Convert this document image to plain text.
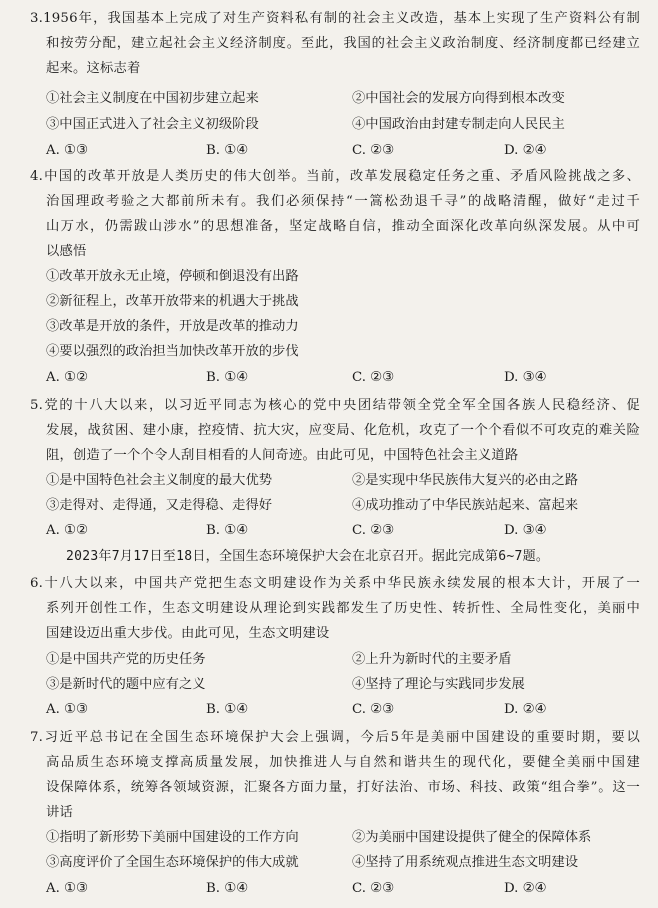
3.1956年，我国基本上完成了对生产资料私有制的社会主义改造，基本上实现了生产资料公有制
和按劳分配，建立起社会主义经济制度。至此，我国的社会主义政治制度、经济制度都已经建立
起来。这标志着
①社会主义制度在中国初步建立起来	②中国社会的发展方向得到根本改变
③中国正式进入了社会主义初级阶段	④中国政治由封建专制走向人民民主
A. ①③	B. ①④	C. ②③	D. ②④
4.中国的改革开放是人类历史的伟大创举。当前，改革发展稳定任务之重、矛盾风险挑战之多、
治国理政考验之大都前所未有。我们必须保持“一篙松劲退千寻”的战略清醒，做好“走过千
山万水，仍需跋山涉水”的思想准备，坚定战略自信，推动全面深化改革向纵深发展。从中可
以感悟
①改革开放永无止境，停顿和倒退没有出路
②新征程上，改革开放带来的机遇大于挑战
③改革是开放的条件，开放是改革的推动力
④要以强烈的政治担当加快改革开放的步伐
A. ①②	B. ①④	C. ②③	D. ③④
5.党的十八大以来，以习近平同志为核心的党中央团结带领全党全军全国各族人民稳经济、促
发展，战贫困、建小康，控疫情、抗大灾，应变局、化危机，攻克了一个个看似不可攻克的难关险
阻，创造了一个个令人刮目相看的人间奇迹。由此可见，中国特色社会主义道路
①是中国特色社会主义制度的最大优势	②是实现中华民族伟大复兴的必由之路
③走得对、走得通，又走得稳、走得好	④成功推动了中华民族站起来、富起来
A. ①②	B. ①④	C. ②③	D. ③④
2023年7月17日至18日，全国生态环境保护大会在北京召开。据此完成第6~7题。
6.十八大以来，中国共产党把生态文明建设作为关系中华民族永续发展的根本大计，开展了一
系列开创性工作，生态文明建设从理论到实践都发生了历史性、转折性、全局性变化，美丽中
国建设迈出重大步伐。由此可见，生态文明建设
①是中国共产党的历史任务	②上升为新时代的主要矛盾
③是新时代的题中应有之义	④坚持了理论与实践同步发展
A. ①③	B. ①④	C. ②③	D. ②④
7.习近平总书记在全国生态环境保护大会上强调，今后5年是美丽中国建设的重要时期，要以
高品质生态环境支撑高质量发展，加快推进人与自然和谐共生的现代化，要健全美丽中国建
设保障体系，统筹各领域资源，汇聚各方面力量，打好法治、市场、科技、政策“组合拳”。这一
讲话
①指明了新形势下美丽中国建设的工作方向	②为美丽中国建设提供了健全的保障体系
③高度评价了全国生态环境保护的伟大成就	④坚持了用系统观点推进生态文明建设
A. ①③	B. ①④	C. ②③	D. ②④
